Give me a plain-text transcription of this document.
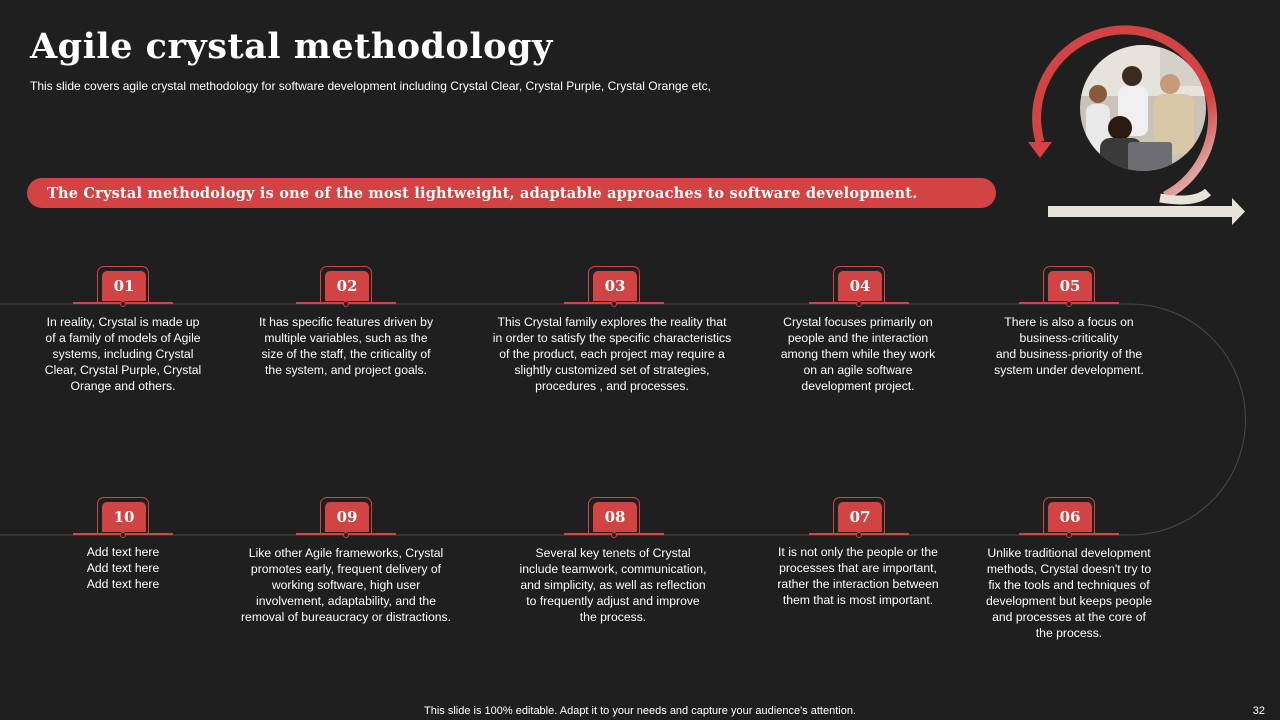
Agile crystal methodology
This slide covers agile crystal methodology for software development including Crystal Clear, Crystal Purple, Crystal Orange etc,
The Crystal methodology is one of the most lightweight, adaptable approaches to software development.
01
In reality, Crystal is made up
of a family of models of Agile
systems, including Crystal
Clear, Crystal Purple, Crystal
Orange and others.
02
It has specific features driven by
multiple variables, such as the
size of the staff, the criticality of
the system, and project goals.
03
This Crystal family explores the reality that
in order to satisfy the specific characteristics
of the product, each project may require a
slightly customized set of strategies,
procedures , and processes.
04
Crystal focuses primarily on
people and the interaction
among them while they work
on an agile software
development project.
05
There is also a focus on
business-criticality
and business-priority of the
system under development.
06
Unlike traditional development
methods, Crystal doesn't try to
fix the tools and techniques of
development but keeps people
and processes at the core of
the process.
07
It is not only the people or the
processes that are important,
rather the interaction between
them that is most important.
08
Several key tenets of Crystal
include teamwork, communication,
and simplicity, as well as reflection
to frequently adjust and improve
the process.
09
Like other Agile frameworks, Crystal
promotes early, frequent delivery of
working software, high user
involvement, adaptability, and the
removal of bureaucracy or distractions.
10
Add text here
Add text here
Add text here
This slide is 100% editable. Adapt it to your needs and capture your audience's attention.	32
